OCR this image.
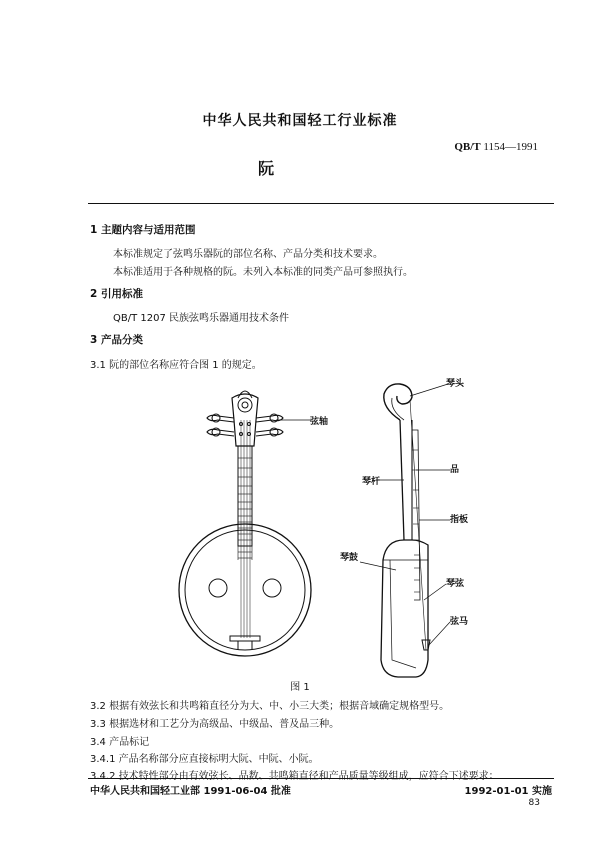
中华人民共和国轻工行业标准
QB/T 1154—1991
阮
1 主题内容与适用范围
本标准规定了弦鸣乐器阮的部位名称、产品分类和技术要求。
本标准适用于各种规格的阮。未列入本标准的同类产品可参照执行。
2 引用标准
QB/T 1207 民族弦鸣乐器通用技术条件
3 产品分类
3.1 阮的部位名称应符合图 1 的规定。
弦轴
琴头
品
琴杆
指板
琴鼓
琴弦
弦马
图 1
3.2 根据有效弦长和共鸣箱直径分为大、中、小三大类；根据音域确定规格型号。
3.3 根据选材和工艺分为高级品、中级品、普及品三种。
3.4 产品标记
3.4.1 产品名称部分应直接标明大阮、中阮、小阮。
3.4.2 技术特性部分由有效弦长、品数、共鸣箱直径和产品质量等级组成，应符合下述要求：
中华人民共和国轻工业部 1991-06-04 批准	1992-01-01 实施
83
